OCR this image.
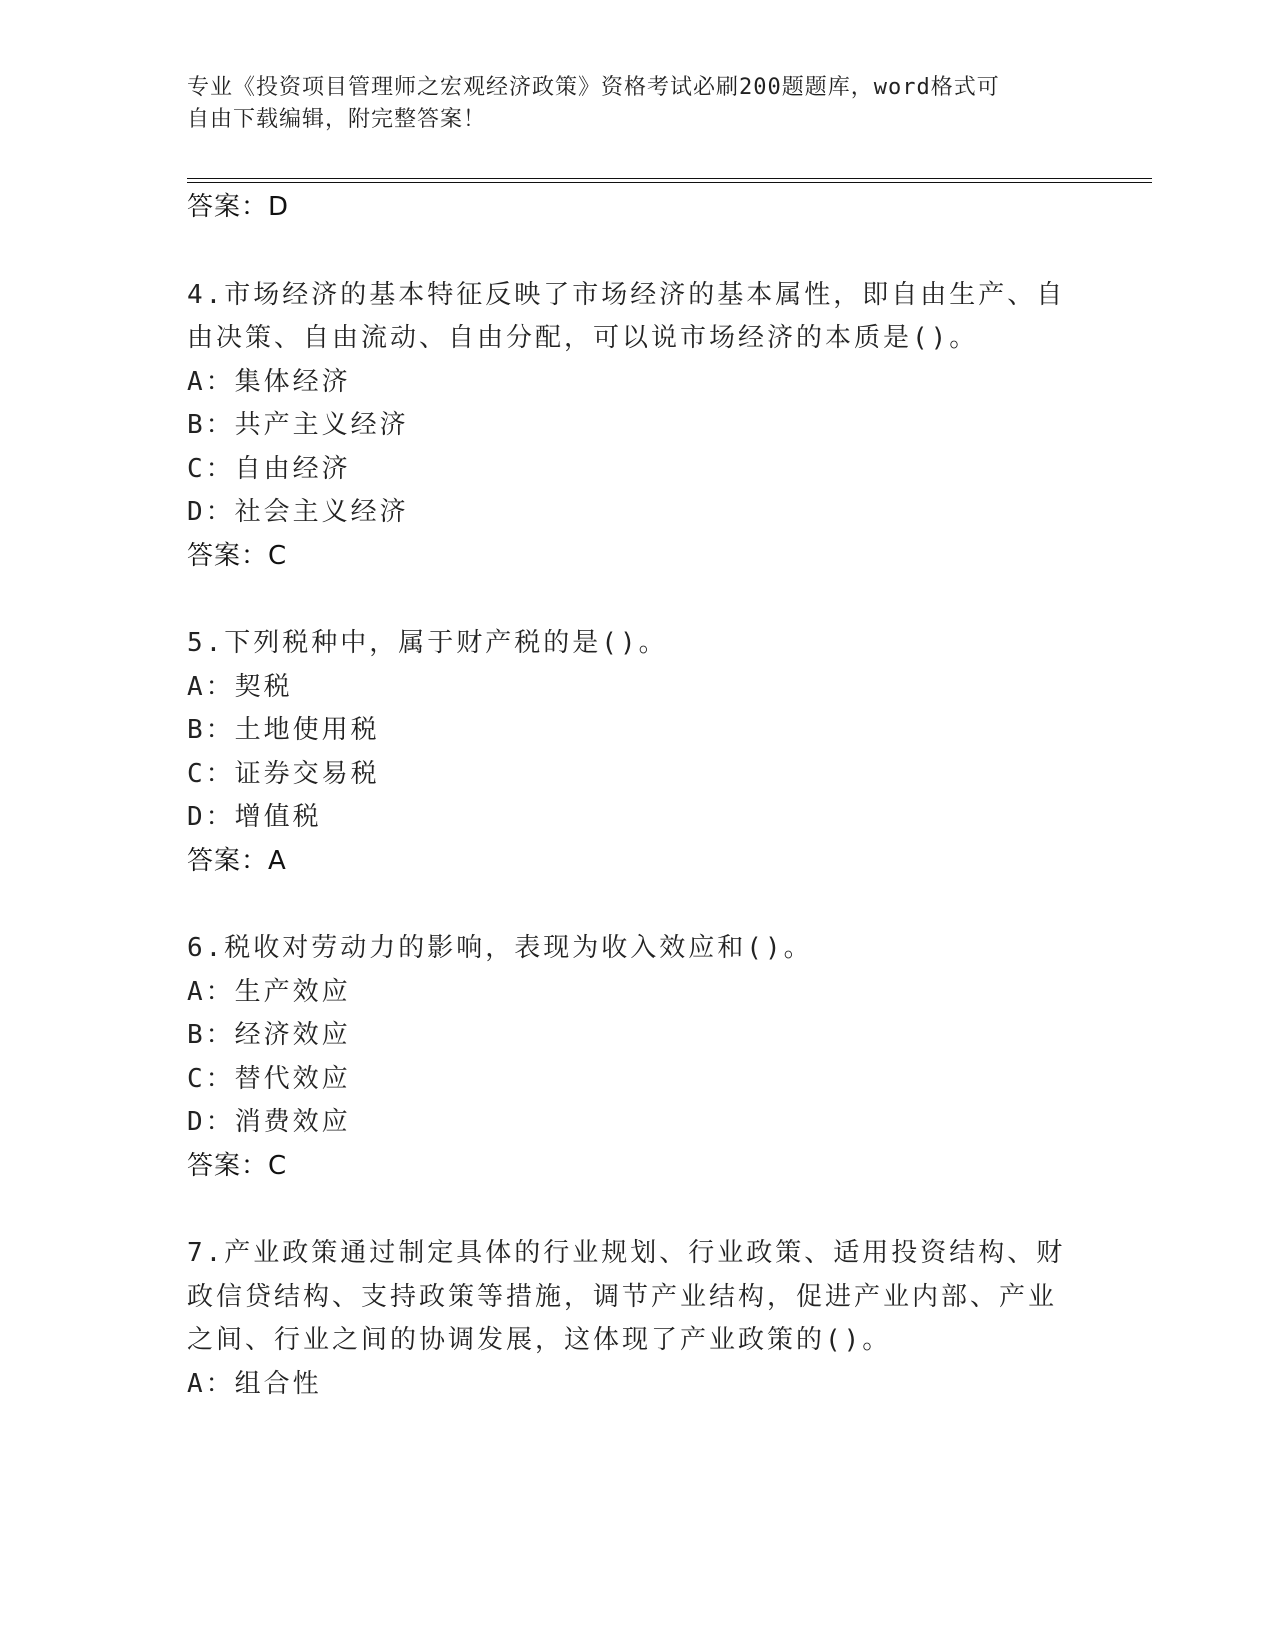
专业《投资项目管理师之宏观经济政策》资格考试必刷200题题库，word格式可
自由下载编辑，附完整答案！
答案：D
4.市场经济的基本特征反映了市场经济的基本属性，即自由生产、自
由决策、自由流动、自由分配，可以说市场经济的本质是()。
A：集体经济
B：共产主义经济
C：自由经济
D：社会主义经济
答案：C
5.下列税种中，属于财产税的是()。
A：契税
B：土地使用税
C：证券交易税
D：增值税
答案：A
6.税收对劳动力的影响，表现为收入效应和()。
A：生产效应
B：经济效应
C：替代效应
D：消费效应
答案：C
7.产业政策通过制定具体的行业规划、行业政策、适用投资结构、财
政信贷结构、支持政策等措施，调节产业结构，促进产业内部、产业
之间、行业之间的协调发展，这体现了产业政策的()。
A：组合性
